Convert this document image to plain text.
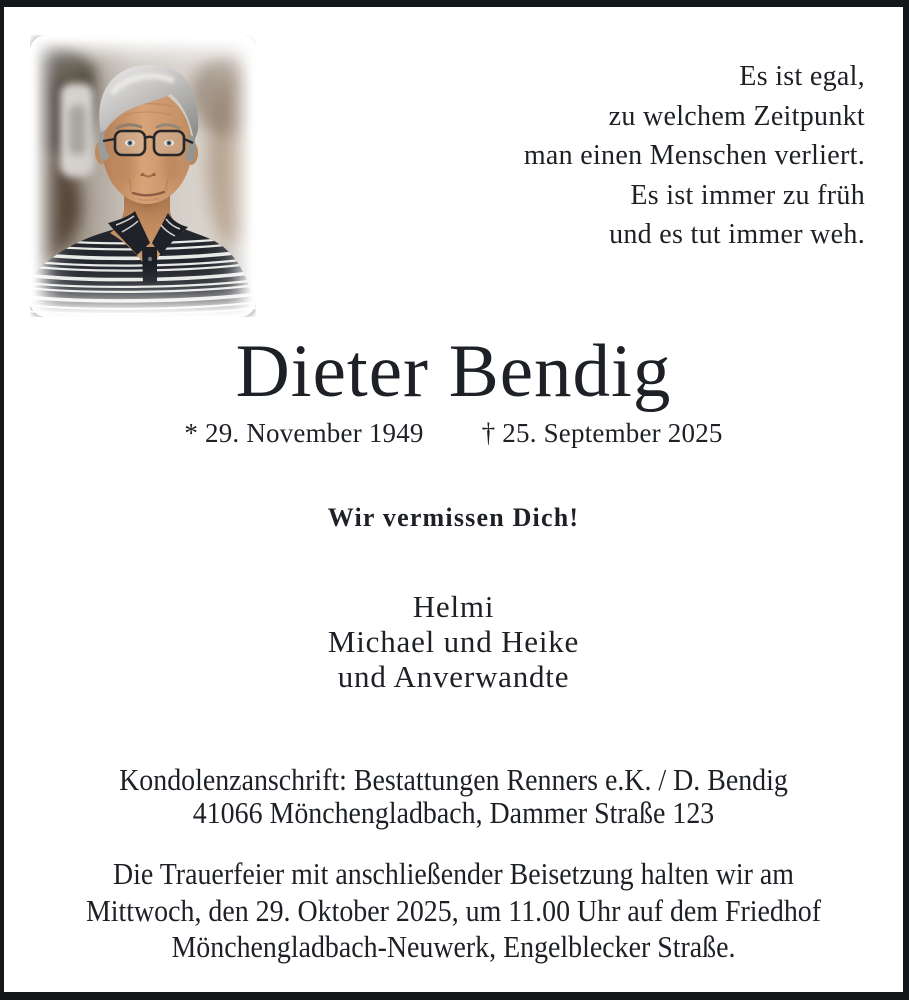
Es ist egal,
zu welchem Zeitpunkt
man einen Menschen verliert.
Es ist immer zu früh
und es tut immer weh.
Dieter Bendig
* 29. November 1949 † 25. September 2025

Wir vermissen Dich!

Helmi
Michael und Heike
und Anverwandte
Kondolenzanschrift: Bestattungen Renners e.K. / D. Bendig
41066 Mönchengladbach, Dammer Straße 123
Die Trauerfeier mit anschließender Beisetzung halten wir am
Mittwoch, den 29. Oktober 2025, um 11.00 Uhr auf dem Friedhof
Mönchengladbach-Neuwerk, Engelblecker Straße.
